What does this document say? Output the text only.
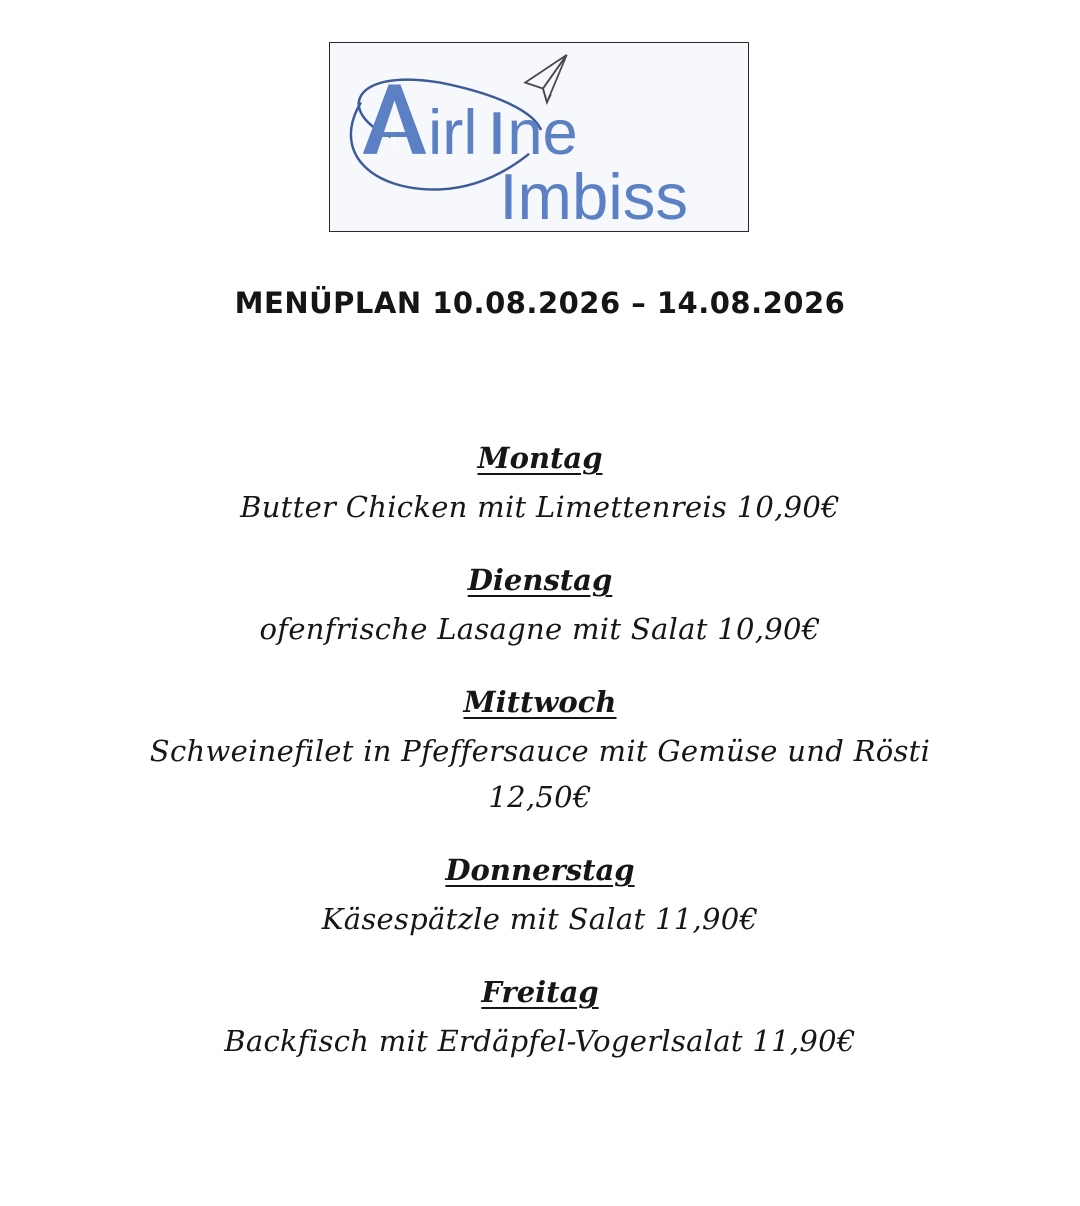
irl ne
Imbiss
MENÜPLAN 10.08.2026 – 14.08.2026
Montag
Butter Chicken mit Limettenreis 10,90€
Dienstag
ofenfrische Lasagne mit Salat 10,90€
Mittwoch
Schweinefilet in Pfeffersauce mit Gemüse und Rösti 12,50€
Donnerstag
Käsespätzle mit Salat 11,90€
Freitag
Backfisch mit Erdäpfel-Vogerlsalat 11,90€
